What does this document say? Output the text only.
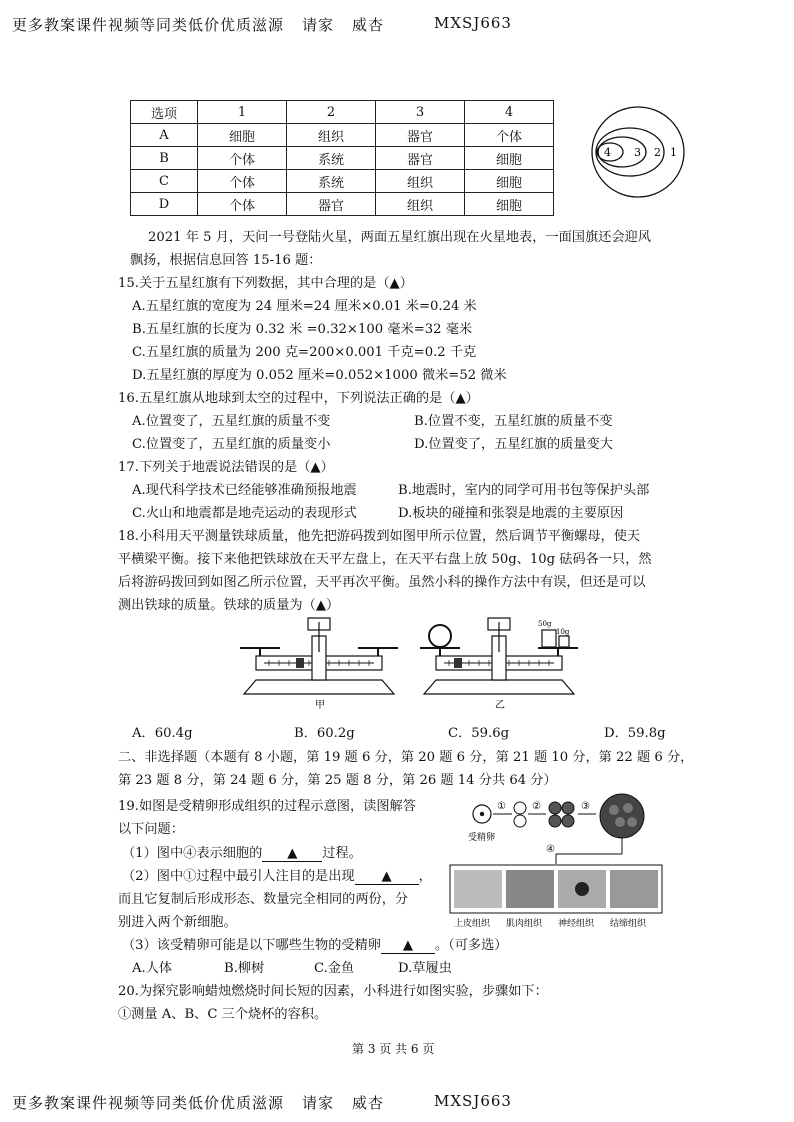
更多教案课件视频等同类低价优质滋源 请家 威杏	MXSJ663
选项	1	2	3	4
A	细胞	组织	器官	个体
B	个体	系统	器官	细胞
C	个体	系统	组织	细胞
D	个体	器官	组织	细胞
4 3 2 1
2021 年 5 月，天问一号登陆火星，两面五星红旗出现在火星地表，一面国旗还会迎风
飘扬，根据信息回答 15-16 题：
15.关于五星红旗有下列数据，其中合理的是（▲）
A.五星红旗的宽度为 24 厘米=24 厘米×0.01 米=0.24 米
B.五星红旗的长度为 0.32 米 =0.32×100 毫米=32 毫米
C.五星红旗的质量为 200 克=200×0.001 千克=0.2 千克
D.五星红旗的厚度为 0.052 厘米=0.052×1000 微米=52 微米
16.五星红旗从地球到太空的过程中，下列说法正确的是（▲）
A.位置变了，五星红旗的质量不变	B.位置不变，五星红旗的质量不变
C.位置变了，五星红旗的质量变小	D.位置变了，五星红旗的质量变大
17.下列关于地震说法错误的是（▲）
A.现代科学技术已经能够准确预报地震	B.地震时，室内的同学可用书包等保护头部
C.火山和地震都是地壳运动的表现形式	D.板块的碰撞和张裂是地震的主要原因
18.小科用天平测量铁球质量，他先把游码拨到如图甲所示位置，然后调节平衡螺母，使天
平横梁平衡。接下来他把铁球放在天平左盘上，在天平右盘上放 50g、10g 砝码各一只，然
后将游码拨回到如图乙所示位置，天平再次平衡。虽然小科的操作方法中有误，但还是可以
测出铁球的质量。铁球的质量为（▲）
甲
50g
10g
乙
A．60.4g	B．60.2g	C．59.6g	D．59.8g
二、非选择题（本题有 8 小题，第 19 题 6 分，第 20 题 6 分，第 21 题 10 分，第 22 题 6 分，
第 23 题 8 分，第 24 题 6 分，第 25 题 8 分，第 26 题 14 分共 64 分）
19.如图是受精卵形成组织的过程示意图，读图解答
以下问题：
（1）图中④表示细胞的 ▲ 过程。
（2）图中①过程中最引人注目的是出现 ▲ ，
而且它复制后形成形态、数量完全相同的两份，分
别进入两个新细胞。
（3）该受精卵可能是以下哪些生物的受精卵 ▲ 。（可多选）
A.人体	B.柳树	C.金鱼	D.草履虫
受精卵
①	②	③
④
上皮组织 肌肉组织 神经组织 结缔组织
20.为探究影响蜡烛燃烧时间长短的因素，小科进行如图实验，步骤如下：
①测量 A、B、C 三个烧杯的容积。
第 3 页 共 6 页
更多教案课件视频等同类低价优质滋源 请家 威杏	MXSJ663
